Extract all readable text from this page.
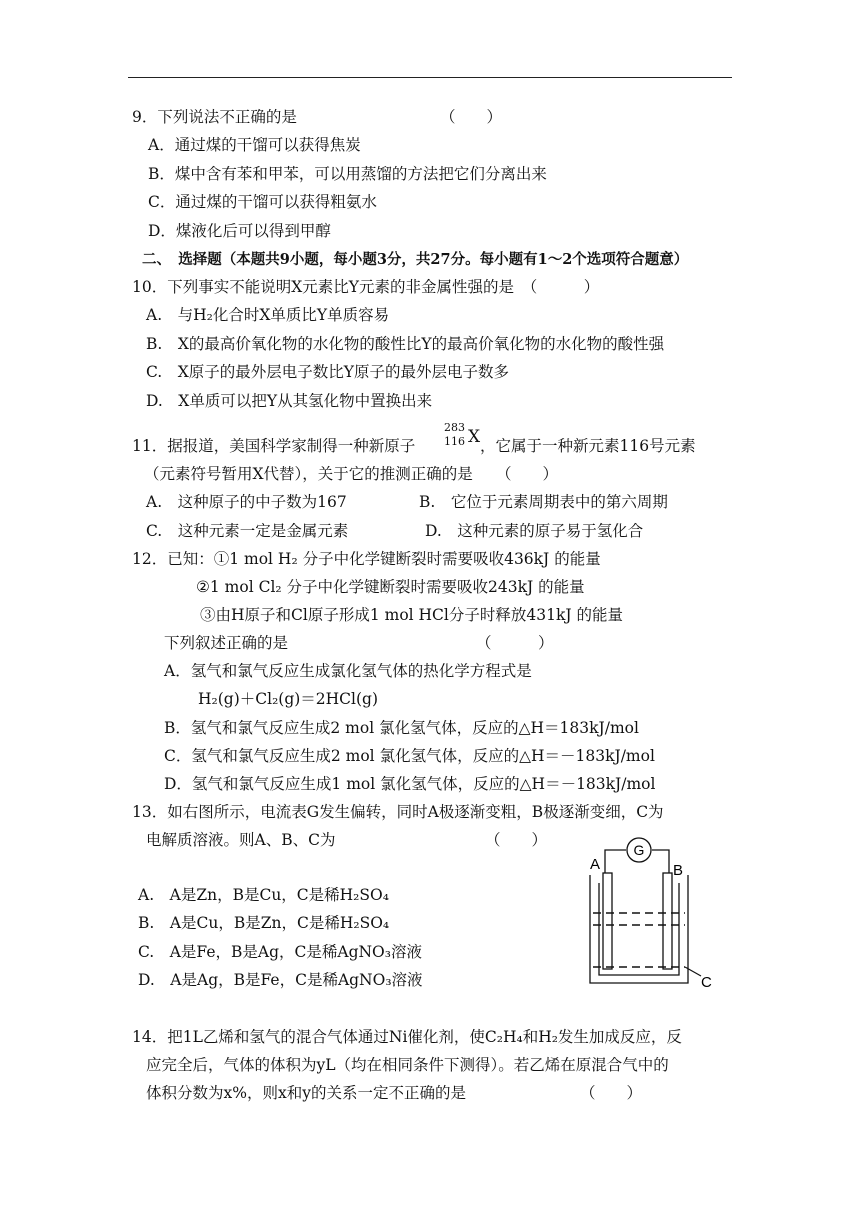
9．下列说法不正确的是	（　　）
A．通过煤的干馏可以获得焦炭
B．煤中含有苯和甲苯，可以用蒸馏的方法把它们分离出来
C．通过煤的干馏可以获得粗氨水
D．煤液化后可以得到甲醇
二、　选择题（本题共9小题，每小题3分，共27分。每小题有1～2个选项符合题意）
10．下列事实不能说明X元素比Y元素的非金属性强的是　（　　　）
A.　与H₂化合时X单质比Y单质容易
B.　X的最高价氧化物的水化物的酸性比Y的最高价氧化物的水化物的酸性强
C.　X原子的最外层电子数比Y原子的最外层电子数多
D.　X单质可以把Y从其氢化物中置换出来
11．据报道，美国科学家制得一种新原子
283
116 X ，它属于一种新元素116号元素
（元素符号暂用X代替），关于它的推测正确的是　　（　　）
A.　这种原子的中子数为167	B.　它位于元素周期表中的第六周期
C.　这种元素一定是金属元素	D.　这种元素的原子易于氢化合
12．已知：①1 mol H₂ 分子中化学键断裂时需要吸收436kJ 的能量
②1 mol Cl₂ 分子中化学键断裂时需要吸收243kJ 的能量
③由H原子和Cl原子形成1 mol HCl分子时释放431kJ 的能量
下列叙述正确的是	（　　　）
A．氢气和氯气反应生成氯化氢气体的热化学方程式是
H₂(g)＋Cl₂(g)＝2HCl(g)
B．氢气和氯气反应生成2 mol 氯化氢气体，反应的△H＝183kJ/mol
C．氢气和氯气反应生成2 mol 氯化氢气体，反应的△H＝－183kJ/mol
D．氢气和氯气反应生成1 mol 氯化氢气体，反应的△H＝－183kJ/mol
13．如右图所示，电流表G发生偏转，同时A极逐渐变粗，B极逐渐变细，C为
电解质溶液。则A、B、C为	（　　）
A.　A是Zn，B是Cu，C是稀H₂SO₄
B.　A是Cu，B是Zn，C是稀H₂SO₄
C.　A是Fe，B是Ag，C是稀AgNO₃溶液
D.　A是Ag，B是Fe，C是稀AgNO₃溶液
G
A	B
C
14．把1L乙烯和氢气的混合气体通过Ni催化剂，使C₂H₄和H₂发生加成反应，反
应完全后，气体的体积为yL（均在相同条件下测得）。若乙烯在原混合气中的
体积分数为x%，则x和y的关系一定不正确的是	（　　）
